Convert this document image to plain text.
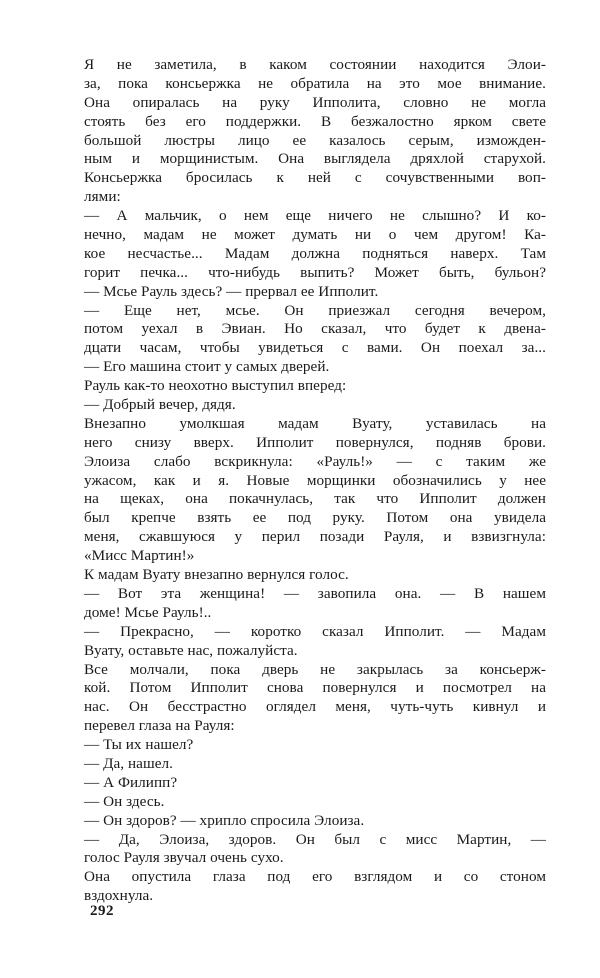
Я не заметила, в каком состоянии находится Элои-
за, пока консьержка не обратила на это мое внимание.
Она опиралась на руку Ипполита, словно не могла
стоять без его поддержки. В безжалостно ярком свете
большой люстры лицо ее казалось серым, изможден-
ным и морщинистым. Она выглядела дряхлой старухой.
Консьержка бросилась к ней с сочувственными воп-
лями:
— А мальчик, о нем еще ничего не слышно? И ко-
нечно, мадам не может думать ни о чем другом! Ка-
кое несчастье... Мадам должна подняться наверх. Там
горит печка... что-нибудь выпить? Может быть, бульон?
— Мсье Рауль здесь? — прервал ее Ипполит.
— Еще нет, мсье. Он приезжал сегодня вечером,
потом уехал в Эвиан. Но сказал, что будет к двена-
дцати часам, чтобы увидеться с вами. Он поехал за...
— Его машина стоит у самых дверей.
Рауль как-то неохотно выступил вперед:
— Добрый вечер, дядя.
Внезапно умолкшая мадам Вуату, уставилась на
него снизу вверх. Ипполит повернулся, подняв брови.
Элоиза слабо вскрикнула: «Рауль!» — с таким же
ужасом, как и я. Новые морщинки обозначились у нее
на щеках, она покачнулась, так что Ипполит должен
был крепче взять ее под руку. Потом она увидела
меня, сжавшуюся у перил позади Рауля, и взвизгнула:
«Мисс Мартин!»
К мадам Вуату внезапно вернулся голос.
— Вот эта женщина! — завопила она. — В нашем
доме! Мсье Рауль!..
— Прекрасно, — коротко сказал Ипполит. — Мадам
Вуату, оставьте нас, пожалуйста.
Все молчали, пока дверь не закрылась за консьерж-
кой. Потом Ипполит снова повернулся и посмотрел на
нас. Он бесстрастно оглядел меня, чуть-чуть кивнул и
перевел глаза на Рауля:
— Ты их нашел?
— Да, нашел.
— А Филипп?
— Он здесь.
— Он здоров? — хрипло спросила Элоиза.
— Да, Элоиза, здоров. Он был с мисс Мартин, —
голос Рауля звучал очень сухо.
Она опустила глаза под его взглядом и со стоном
вздохнула.
292
